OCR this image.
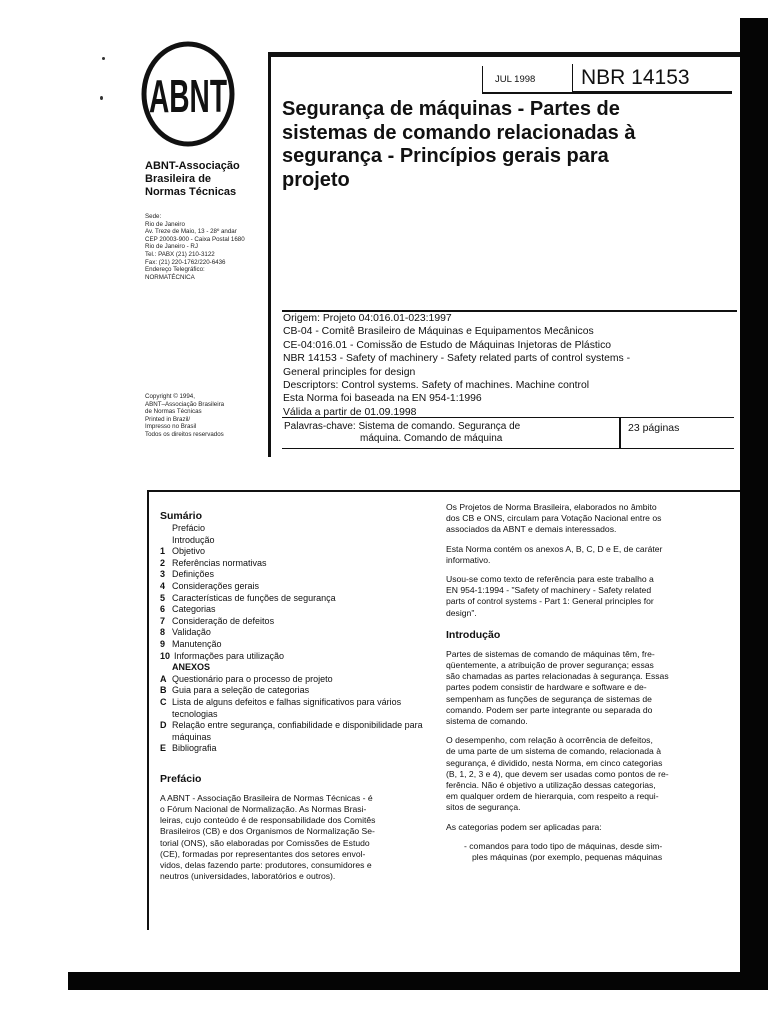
ABNT
ABNT-Associação
Brasileira de
Normas Técnicas
Sede:
Rio de Janeiro
Av. Treze de Maio, 13 - 28º andar
CEP 20003-900 - Caixa Postal 1680
Rio de Janeiro - RJ
Tel.: PABX (21) 210-3122
Fax: (21) 220-1762/220-6436
Endereço Telegráfico:
NORMATÉCNICA
Copyright © 1994,
ABNT–Associação Brasileira
de Normas Técnicas
Printed in Brazil/
Impresso no Brasil
Todos os direitos reservados
JUL 1998	NBR 14153
Segurança de máquinas - Partes de
sistemas de comando relacionadas à
segurança - Princípios gerais para
projeto
Origem: Projeto 04:016.01-023:1997
CB-04 - Comitê Brasileiro de Máquinas e Equipamentos Mecânicos
CE-04:016.01 - Comissão de Estudo de Máquinas Injetoras de Plástico
NBR 14153 - Safety of machinery - Safety related parts of control systems -
General principles for design
Descriptors: Control systems. Safety of machines. Machine control
Esta Norma foi baseada na EN 954-1:1996
Válida a partir de 01.09.1998
Palavras-chave: Sistema de comando. Segurança de
máquina. Comando de máquina
23 páginas
Sumário
Prefácio
Introdução
1 Objetivo
2 Referências normativas
3 Definições
4 Considerações gerais
5 Características de funções de segurança
6 Categorias
7 Consideração de defeitos
8 Validação
9 Manutenção
10 Informações para utilização
ANEXOS
A Questionário para o processo de projeto
B Guia para a seleção de categorias
C Lista de alguns defeitos e falhas significativos para vários tecnologias
D Relação entre segurança, confiabilidade e disponibilidade para máquinas
E Bibliografia
Prefácio
A ABNT - Associação Brasileira de Normas Técnicas - é
o Fórum Nacional de Normalização. As Normas Brasi-
leiras, cujo conteúdo é de responsabilidade dos Comitês
Brasileiros (CB) e dos Organismos de Normalização Se-
torial (ONS), são elaboradas por Comissões de Estudo
(CE), formadas por representantes dos setores envol-
vidos, delas fazendo parte: produtores, consumidores e
neutros (universidades, laboratórios e outros).
Os Projetos de Norma Brasileira, elaborados no âmbito
dos CB e ONS, circulam para Votação Nacional entre os
associados da ABNT e demais interessados.
Esta Norma contém os anexos A, B, C, D e E, de caráter
informativo.
Usou-se como texto de referência para este trabalho a
EN 954-1:1994 - "Safety of machinery - Safety related
parts of control systems - Part 1: General principles for
design".
Introdução
Partes de sistemas de comando de máquinas têm, fre-
qüentemente, a atribuição de prover segurança; essas
são chamadas as partes relacionadas à segurança. Essas
partes podem consistir de hardware e software e de-
sempenham as funções de segurança de sistemas de
comando. Podem ser parte integrante ou separada do
sistema de comando.
O desempenho, com relação à ocorrência de defeitos,
de uma parte de um sistema de comando, relacionada à
segurança, é dividido, nesta Norma, em cinco categorias
(B, 1, 2, 3 e 4), que devem ser usadas como pontos de re-
ferência. Não é objetivo a utilização dessas categorias,
em qualquer ordem de hierarquia, com respeito a requi-
sitos de segurança.
As categorias podem ser aplicadas para:
- comandos para todo tipo de máquinas, desde sim-
ples máquinas (por exemplo, pequenas máquinas
